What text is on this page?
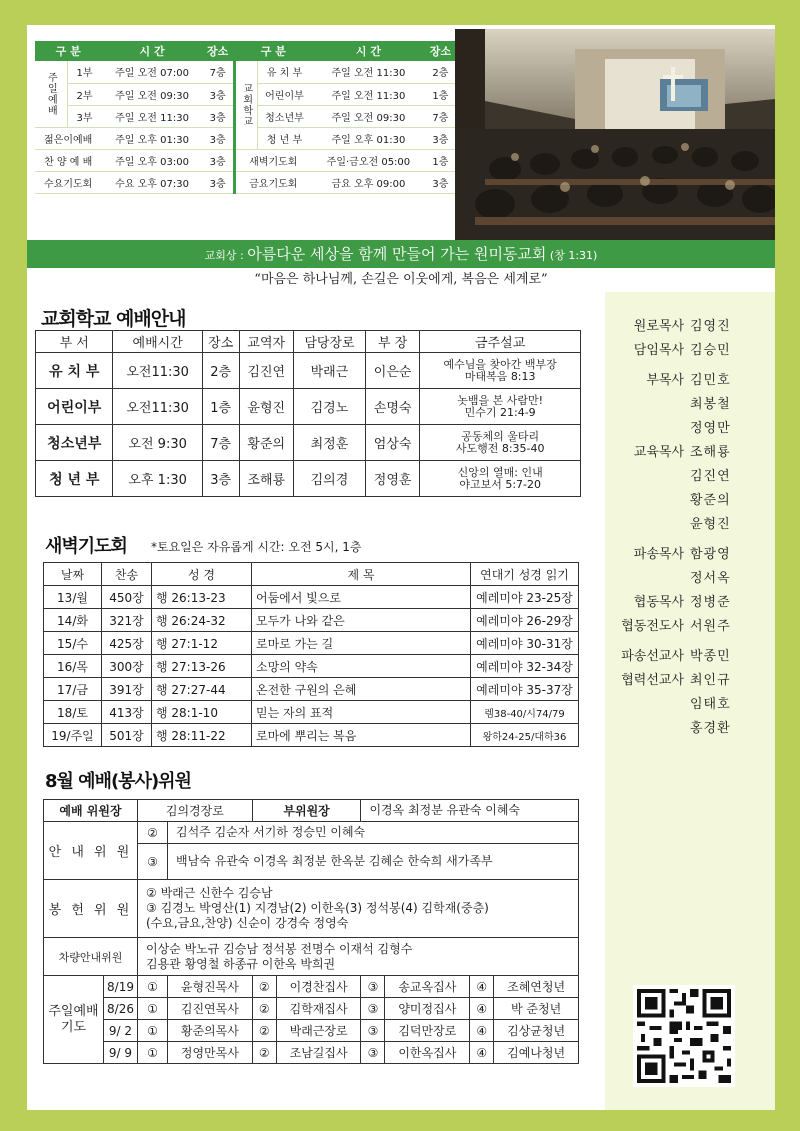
구 분		시 간	장소	구 분		시 간	장소
주일예배	1부	주일 오전 07:00	7층	교회학교	유 치 부	주일 오전 11:30	2층
	2부	주일 오전 09:30	3층		어린이부	주일 오전 11:30	1층
	3부	주일 오전 11:30	3층		청소년부	주일 오전 09:30	7층
젊은이예배		주일 오후 01:30	3층		청 년 부	주일 오후 01:30	3층
찬 양 예 배		주일 오후 03:00	3층	새벽기도회		주일·금오전 05:00	1층
수요기도회		수요 오후 07:30	3층	금요기도회		금요 오후 09:00	3층
교회상 : 아름다운 세상을 함께 만들어 가는 원미동교회 (창 1:31)
“마음은 하나님께, 손길은 이웃에게, 복음은 세계로”
원로목사 김영진
담임목사 김승민
부목사 김민호
최봉철
정영만
교육목사 조해룡
김진연
황준의
윤형진
파송목사 함광영
정서옥
협동목사 정병준
협동전도사 서원주
파송선교사 박종민
협력선교사 최인규
임태호
홍경환
교회학교 예배안내
부 서	예배시간	장소	교역자	담당장로	부 장	금주설교
유 치 부	오전11:30	2층	김진연	박래근	이은순	예수님을 찾아간 백부장
마태복음 8:13

어린이부	오전11:30	1층	윤형진	김경노	손명숙	놋뱀을 본 사람만!
민수기 21:4-9

청소년부	오전 9:30	7층	황준의	최정훈	엄상숙	공동체의 울타리
사도행전 8:35-40

청 년 부	오후 1:30	3층	조해룡	김의경	정영훈	신앙의 열매: 인내
야고보서 5:7-20
새벽기도회 *토요일은 자유롭게 시간: 오전 5시, 1층
날짜	찬송	성 경	제 목	연대기 성경 읽기
13/월	450장	행 26:13-23	어둠에서 빛으로	예레미야 23-25장
14/화	321장	행 26:24-32	모두가 나와 같은	예레미야 26-29장
15/수	425장	행 27:1-12	로마로 가는 길	예레미야 30-31장
16/목	300장	행 27:13-26	소망의 약속	예레미야 32-34장
17/금	391장	행 27:27-44	온전한 구원의 은혜	예레미야 35-37장
18/토	413장	행 28:1-10	믿는 자의 표적	렘38-40/시74/79
19/주일	501장	행 28:11-22	로마에 뿌리는 복음	왕하24-25/대하36
8월 예배(봉사)위원
예배 위원장		김의경장로		부위원장		이경옥 최정분 유관숙 이혜숙			
안 내 위 원		②	김석주 김순자 서기하 정승민 이혜숙						
		③	백남숙 유관숙 이경옥 최정분 한옥분 김혜순 한숙희 새가족부						
봉 헌 위 원		② 박래근 신한수 김승남
③ 김경노 박영산(1) 지경남(2) 이한옥(3) 정석봉(4) 김학재(중층)
(수요,금요,찬양) 신순이 강경숙 정영숙							

차량안내위원		이상순 박노규 김승남 정석봉 전명수 이재석 김형수
김용관 황영철 하종규 이한옥 박희권							

주일예배기도	8/19	①	윤형진목사	②	이경찬집사	③	송교옥집사	④	조혜연청년
	8/26	①	김진연목사	②	김학재집사	③	양미정집사	④	박 준청년
	9/ 2	①	황준의목사	②	박래근장로	③	김덕만장로	④	김상균청년
	9/ 9	①	정영만목사	②	조남길집사	③	이한옥집사	④	김예나청년
